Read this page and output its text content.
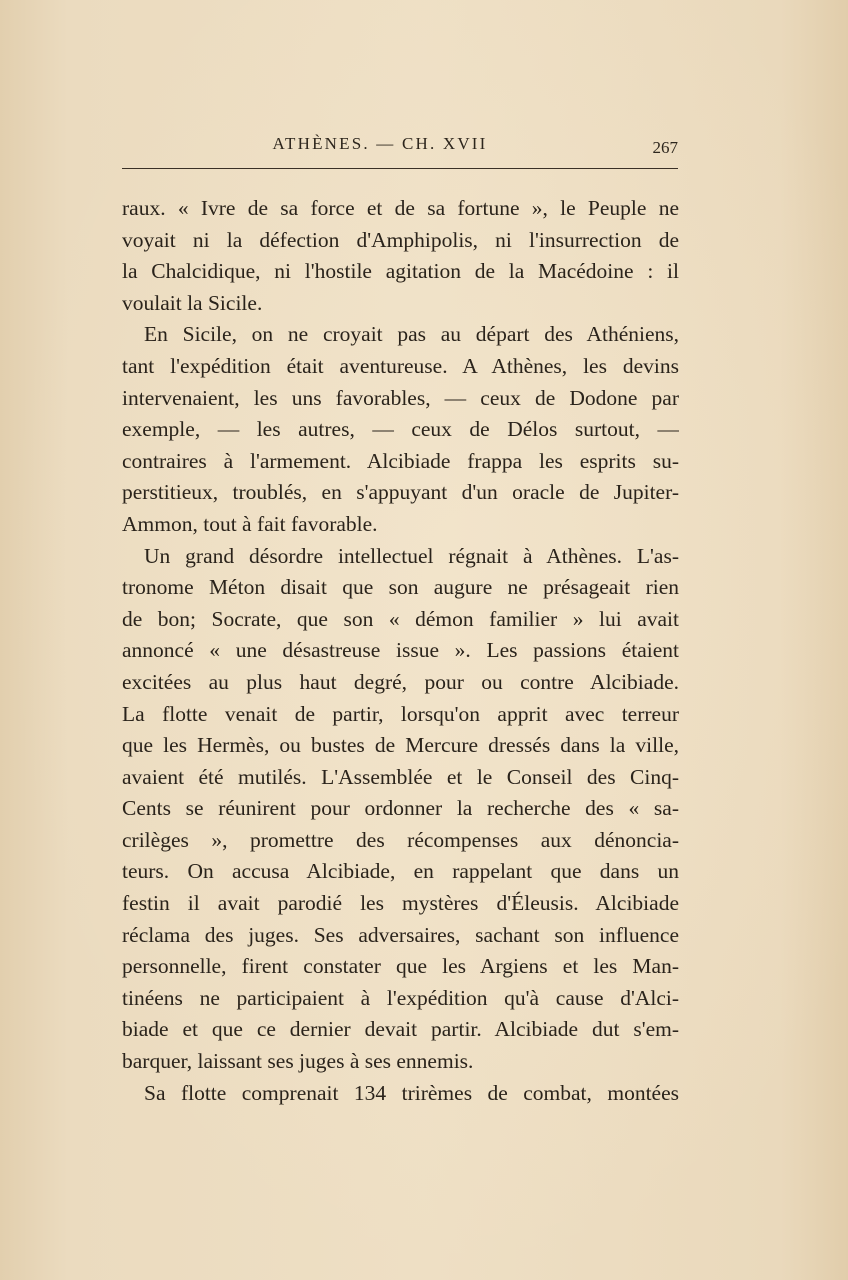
ATHÈNES. — CH. XVII	267
raux. « Ivre de sa force et de sa fortune », le Peuple ne
voyait ni la défection d'Amphipolis, ni l'insurrection de
la Chalcidique, ni l'hostile agitation de la Macédoine : il
voulait la Sicile.
En Sicile, on ne croyait pas au départ des Athéniens,
tant l'expédition était aventureuse. A Athènes, les devins
intervenaient, les uns favorables, — ceux de Dodone par
exemple, — les autres, — ceux de Délos surtout, —
contraires à l'armement. Alcibiade frappa les esprits su-
perstitieux, troublés, en s'appuyant d'un oracle de Jupiter-
Ammon, tout à fait favorable.
Un grand désordre intellectuel régnait à Athènes. L'as-
tronome Méton disait que son augure ne présageait rien
de bon; Socrate, que son « démon familier » lui avait
annoncé « une désastreuse issue ». Les passions étaient
excitées au plus haut degré, pour ou contre Alcibiade.
La flotte venait de partir, lorsqu'on apprit avec terreur
que les Hermès, ou bustes de Mercure dressés dans la ville,
avaient été mutilés. L'Assemblée et le Conseil des Cinq-
Cents se réunirent pour ordonner la recherche des « sa-
crilèges », promettre des récompenses aux dénoncia-
teurs. On accusa Alcibiade, en rappelant que dans un
festin il avait parodié les mystères d'Éleusis. Alcibiade
réclama des juges. Ses adversaires, sachant son influence
personnelle, firent constater que les Argiens et les Man-
tinéens ne participaient à l'expédition qu'à cause d'Alci-
biade et que ce dernier devait partir. Alcibiade dut s'em-
barquer, laissant ses juges à ses ennemis.
Sa flotte comprenait 134 trirèmes de combat, montées
